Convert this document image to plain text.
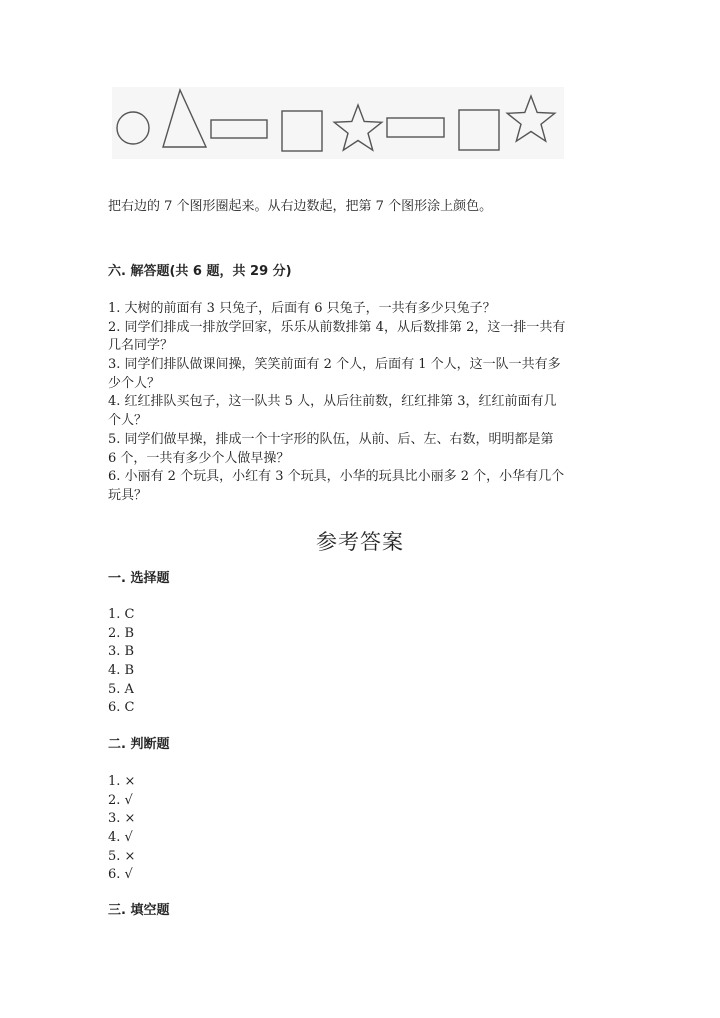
把右边的 7 个图形圈起来。从右边数起，把第 7 个图形涂上颜色。
六. 解答题(共 6 题，共 29 分)
1. 大树的前面有 3 只兔子，后面有 6 只兔子，一共有多少只兔子？
2. 同学们排成一排放学回家，乐乐从前数排第 4，从后数排第 2，这一排一共有
几名同学？
3. 同学们排队做课间操，笑笑前面有 2 个人，后面有 1 个人，这一队一共有多
少个人？
4. 红红排队买包子，这一队共 5 人，从后往前数，红红排第 3，红红前面有几
个人？
5. 同学们做早操，排成一个十字形的队伍，从前、后、左、右数，明明都是第
6 个，一共有多少个人做早操？
6. 小丽有 2 个玩具，小红有 3 个玩具，小华的玩具比小丽多 2 个，小华有几个
玩具？
参考答案
一. 选择题
1. C
2. B
3. B
4. B
5. A
6. C
二. 判断题
1. ×
2. √
3. ×
4. √
5. ×
6. √
三. 填空题
